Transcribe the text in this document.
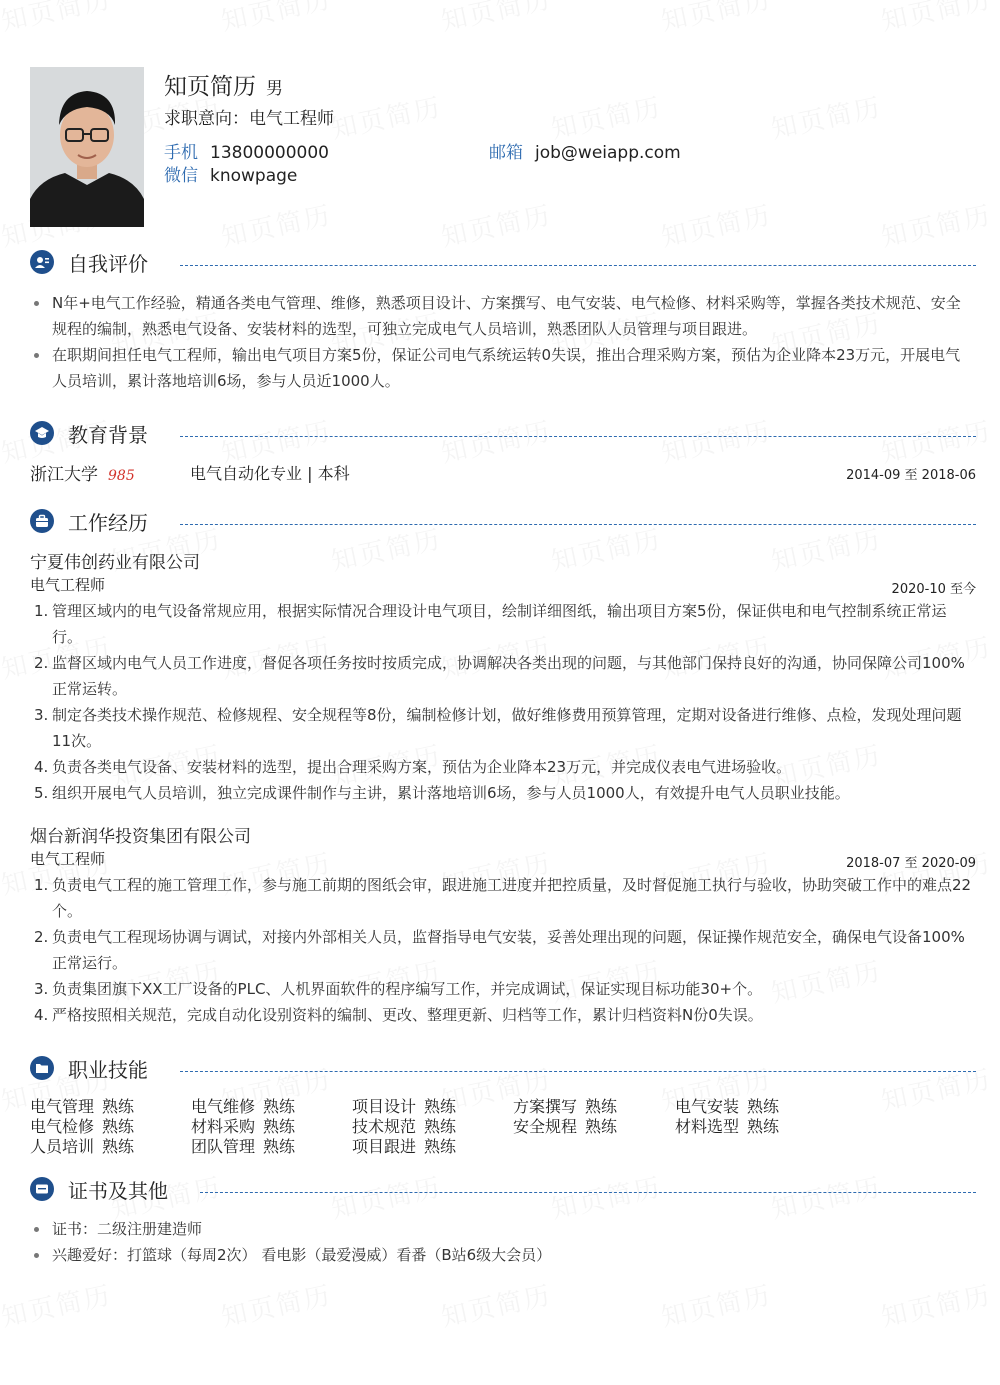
知页简历 男
求职意向：电气工程师
手机 13800000000	邮箱 job@weiapp.com
微信 knowpage
自我评价
N年+电气工作经验，精通各类电气管理、维修，熟悉项目设计、方案撰写、电气安装、电气检修、材料采购等，掌握各类技术规范、安全规程的编制，熟悉电气设备、安装材料的选型，可独立完成电气人员培训，熟悉团队人员管理与项目跟进。
在职期间担任电气工程师，输出电气项目方案5份，保证公司电气系统运转0失误，推出合理采购方案，预估为企业降本23万元，开展电气人员培训，累计落地培训6场，参与人员近1000人。
教育背景
浙江大学 985	电气自动化专业 | 本科	2014-09 至 2018-06
工作经历
宁夏伟创药业有限公司
电气工程师	2020-10 至今
1. 管理区域内的电气设备常规应用，根据实际情况合理设计电气项目，绘制详细图纸，输出项目方案5份，保证供电和电气控制系统正常运行。
2. 监督区域内电气人员工作进度，督促各项任务按时按质完成，协调解决各类出现的问题，与其他部门保持良好的沟通，协同保障公司100%正常运转。
3. 制定各类技术操作规范、检修规程、安全规程等8份，编制检修计划，做好维修费用预算管理，定期对设备进行维修、点检，发现处理问题11次。
4. 负责各类电气设备、安装材料的选型，提出合理采购方案，预估为企业降本23万元，并完成仪表电气进场验收。
5. 组织开展电气人员培训，独立完成课件制作与主讲，累计落地培训6场，参与人员1000人，有效提升电气人员职业技能。
烟台新润华投资集团有限公司
电气工程师	2018-07 至 2020-09
1. 负责电气工程的施工管理工作，参与施工前期的图纸会审，跟进施工进度并把控质量，及时督促施工执行与验收，协助突破工作中的难点22个。
2. 负责电气工程现场协调与调试，对接内外部相关人员，监督指导电气安装，妥善处理出现的问题，保证操作规范安全，确保电气设备100%正常运行。
3. 负责集团旗下XX工厂设备的PLC、人机界面软件的程序编写工作，并完成调试，保证实现目标功能30+个。
4. 严格按照相关规范，完成自动化设别资料的编制、更改、整理更新、归档等工作，累计归档资料N份0失误。
职业技能
电气管理 熟练	电气维修 熟练	项目设计 熟练	方案撰写 熟练	电气安装 熟练
电气检修 熟练	材料采购 熟练	技术规范 熟练	安全规程 熟练	材料选型 熟练
人员培训 熟练	团队管理 熟练	项目跟进 熟练
证书及其他
证书：二级注册建造师
兴趣爱好：打篮球（每周2次） 看电影（最爱漫威）看番（B站6级大会员）
